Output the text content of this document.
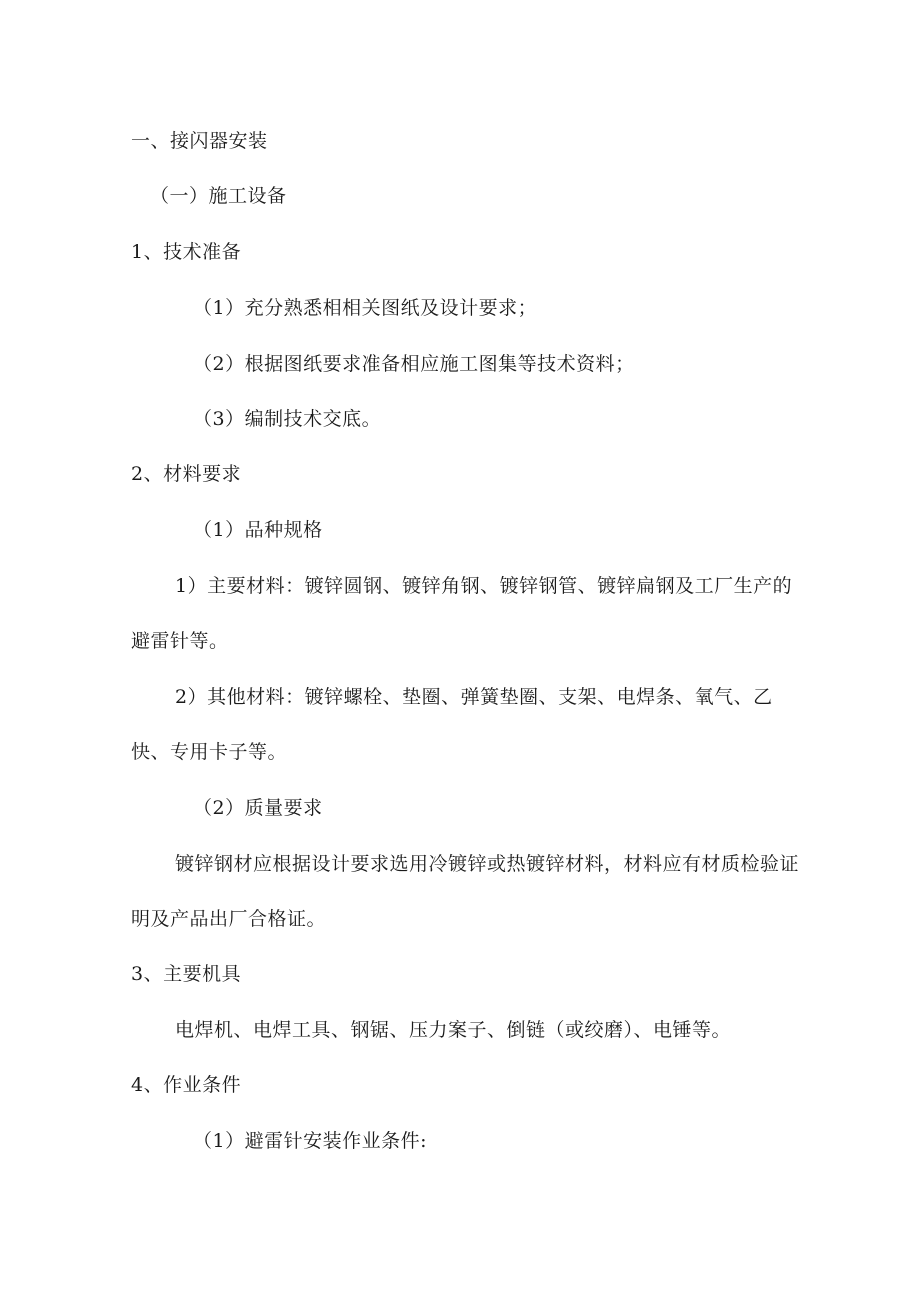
一、接闪器安装
（一）施工设备
1、技术准备
（1）充分熟悉相相关图纸及设计要求；
（2）根据图纸要求准备相应施工图集等技术资料；
（3）编制技术交底。
2、材料要求
（1）品种规格
1）主要材料：镀锌圆钢、镀锌角钢、镀锌钢管、镀锌扁钢及工厂生产的
避雷针等。
2）其他材料：镀锌螺栓、垫圈、弹簧垫圈、支架、电焊条、氧气、乙
快、专用卡子等。
（2）质量要求
镀锌钢材应根据设计要求选用冷镀锌或热镀锌材料，材料应有材质检验证
明及产品出厂合格证。
3、主要机具
电焊机、电焊工具、钢锯、压力案子、倒链（或绞磨）、电锤等。
4、作业条件
（1）避雷针安装作业条件:
